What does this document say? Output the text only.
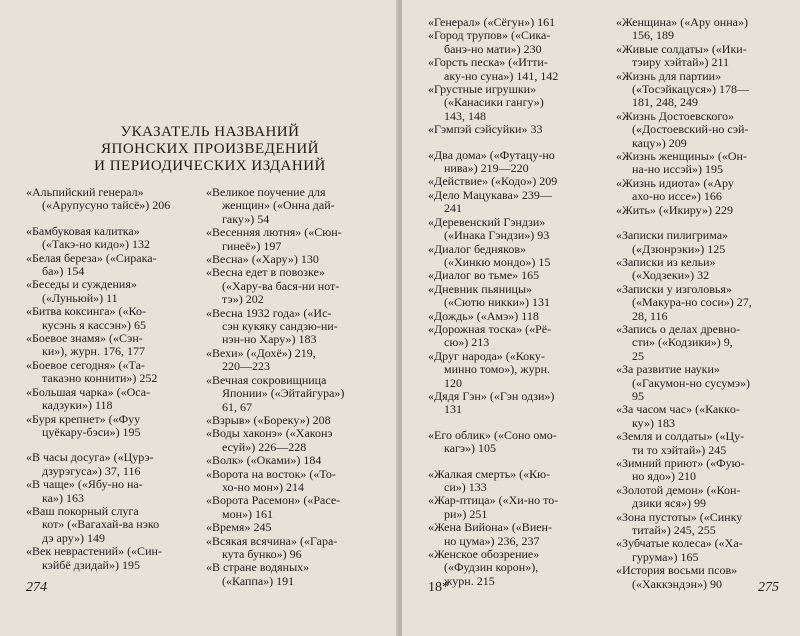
УКАЗАТЕЛЬ НАЗВАНИЙ
ЯПОНСКИХ ПРОИЗВЕДЕНИЙ
И ПЕРИОДИЧЕСКИХ ИЗДАНИЙ
«Альпийский генерал»
(«Арупусуно тайсё») 206
«Бамбуковая калитка»
(«Такэ-но кидо») 132
«Белая береза» («Сирака-
ба») 154
«Беседы и суждения»
(«Луньюй») 11
«Битва коксинга» («Ко-
кусэнь я кассэн») 65
«Боевое знамя» («Сэн-
ки»), журн. 176, 177
«Боевое сегодня» («Та-
такаэно коннити») 252
«Большая чарка» («Оса-
кадзуки») 118
«Буря крепнет» («Фуу
цуёкару-бэси») 195
«В часы досуга» («Цурэ-
дзурэгуса») 37, 116
«В чаще» («Ябу-но на-
ка») 163
«Ваш покорный слуга
кот» («Вагахай-ва нэко
дэ ару») 149
«Век неврастений» («Син-
кэйбё дзидай») 195
«Великое поучение для
женщин» («Онна дай-
гаку») 54
«Весенняя лютня» («Сюн-
гинеё») 197
«Весна» («Хару») 130
«Весна едет в повозке»
(«Хару-ва бася-ни нот-
тэ») 202
«Весна 1932 года» («Ис-
сэн кукяку сандзю-ни-
нэн-но Хару») 183
«Вехи» («Дохё») 219,
220—223
«Вечная сокровищница
Японии» («Эйтайгура»)
61, 67
«Взрыв» («Бореку») 208
«Воды хаконэ» («Хаконэ
есуй») 226—228
«Волк» («Оками») 184
«Ворота на восток» («То-
хо-но мон») 214
«Ворота Расемон» («Расе-
мон») 161
«Время» 245
«Всякая всячина» («Гара-
кута бунко») 96
«В стране водяных»
(«Каппа») 191
274
«Генерал» («Сёгун») 161
«Город трупов» («Сика-
банэ-но мати») 230
«Горсть песка» («Итти-
аку-но суна») 141, 142
«Грустные игрушки»
(«Канасики гангу»)
143, 148
«Гэмпэй сэйсуйки» 33
«Два дома» («Футацу-но
нива») 219—220
«Действие» («Кодо») 209
«Дело Мацукава» 239—
241
«Деревенский Гэндзи»
(«Инака Гэндзи») 93
«Диалог бедняков»
(«Хинкю мондо») 15
«Диалог во тьме» 165
«Дневник пьяницы»
(«Сютю никки») 131
«Дождь» («Амэ») 118
«Дорожная тоска» («Рё-
сю») 213
«Друг народа» («Коку-
минно томо»), журн.
120
«Дядя Гэн» («Гэн одзи»)
131
«Его облик» («Соно омо-
кагэ») 105
«Жалкая смерть» («Кю-
си») 133
«Жар-птица» («Хи-но то-
ри») 251
«Жена Вийона» («Виен-
но цума») 236, 237
«Женское обозрение»
(«Фудзин корон»),
журн. 215
«Женщина» («Ару онна»)
156, 189
«Живые солдаты» («Ики-
тэиру хэйтай») 211
«Жизнь для партии»
(«Тосэйкацуся») 178—
181, 248, 249
«Жизнь Достоевского»
(«Достоевский-но сэй-
кацу») 209
«Жизнь женщины» («Он-
на-но иссэй») 195
«Жизнь идиота» («Ару
ахо-но иссе») 166
«Жить» («Икиру») 229
«Записки пилигрима»
(«Дзюнрэки») 125
«Записки из кельи»
(«Ходзеки») 32
«Записки у изголовья»
(«Макура-но соси») 27,
28, 116
«Запись о делах древно-
сти» («Кодзики») 9,
25
«За развитие науки»
(«Гакумон-но сусумэ»)
95
«За часом час» («Каккo-
ку») 183
«Земля и солдаты» («Цу-
ти то хэйтай») 245
«Зимний приют» («Фую-
но ядо») 210
«Золотой демон» («Кон-
дзики яся») 99
«Зона пустоты» («Синку
титай») 245, 255
«Зубчатые колеса» («Ха-
гурума») 165
«История восьми псов»
(«Хаккэндэн») 90
18*	275
